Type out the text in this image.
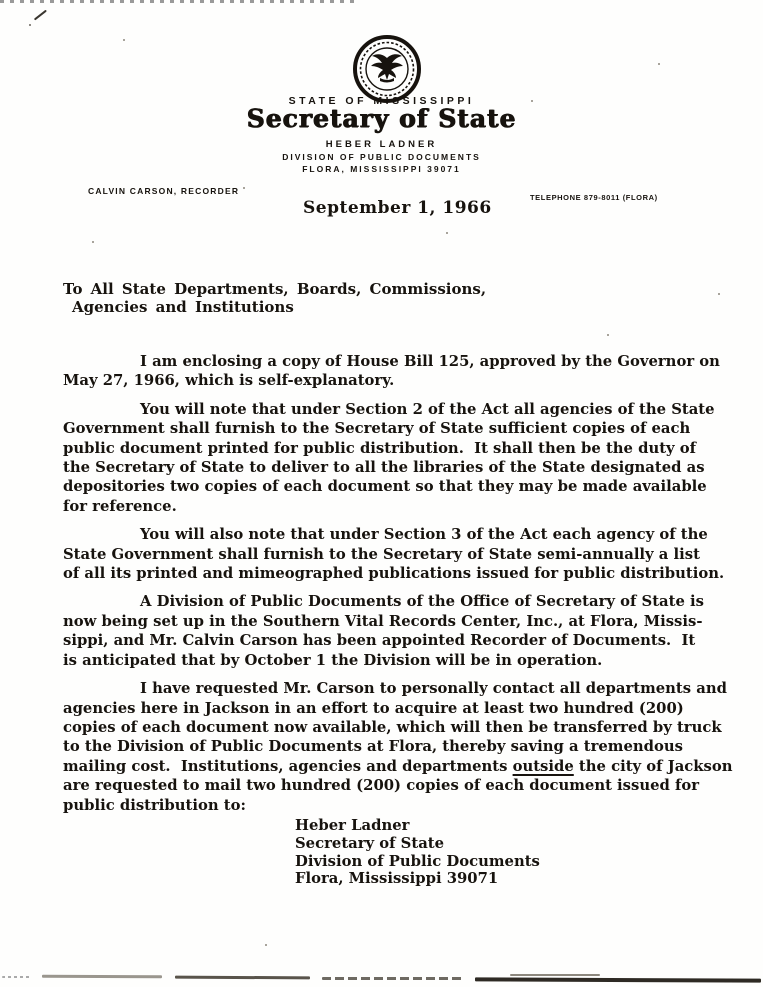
STATE OF MISSISSIPPI
Secretary of State
HEBER LADNER
DIVISION OF PUBLIC DOCUMENTS
FLORA, MISSISSIPPI 39071
CALVIN CARSON, RECORDER
TELEPHONE 879-8011 (FLORA)
September 1, 1966
To All State Departments, Boards, Commissions,
Agencies and Institutions
I am enclosing a copy of House Bill 125, approved by the Governor on
May 27, 1966, which is self-explanatory.
You will note that under Section 2 of the Act all agencies of the State
Government shall furnish to the Secretary of State sufficient copies of each
public document printed for public distribution.  It shall then be the duty of
the Secretary of State to deliver to all the libraries of the State designated as
depositories two copies of each document so that they may be made available
for reference.
You will also note that under Section 3 of the Act each agency of the
State Government shall furnish to the Secretary of State semi-annually a list
of all its printed and mimeographed publications issued for public distribution.
A Division of Public Documents of the Office of Secretary of State is
now being set up in the Southern Vital Records Center, Inc., at Flora, Missis-
sippi, and Mr. Calvin Carson has been appointed Recorder of Documents.  It
is anticipated that by October 1 the Division will be in operation.
I have requested Mr. Carson to personally contact all departments and
agencies here in Jackson in an effort to acquire at least two hundred (200)
copies of each document now available, which will then be transferred by truck
to the Division of Public Documents at Flora, thereby saving a tremendous
mailing cost.  Institutions, agencies and departments outside the city of Jackson
are requested to mail two hundred (200) copies of each document issued for
public distribution to:
Heber Ladner
Secretary of State
Division of Public Documents
Flora, Mississippi 39071
